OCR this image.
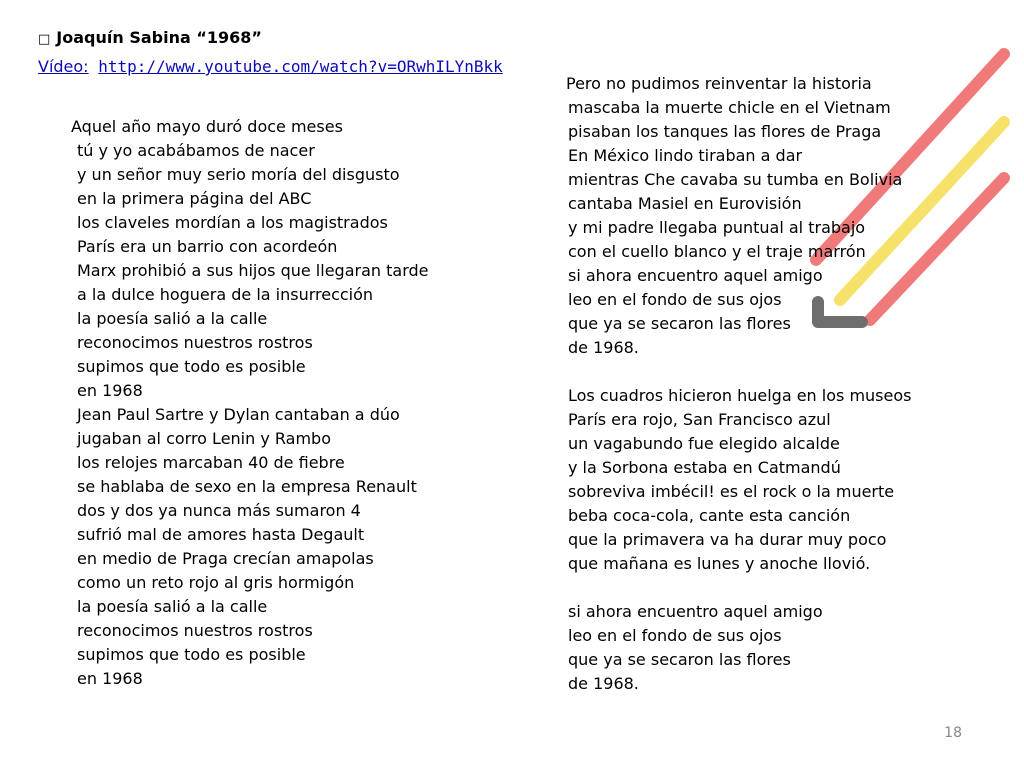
□ Joaquín Sabina “1968”
Vídeo: http://www.youtube.com/watch?v=ORwhILYnBkk
Aquel año mayo duró doce meses
tú y yo acabábamos de nacer
y un señor muy serio moría del disgusto
en la primera página del ABC
los claveles mordían a los magistrados
París era un barrio con acordeón
Marx prohibió a sus hijos que llegaran tarde
a la dulce hoguera de la insurrección
la poesía salió a la calle
reconocimos nuestros rostros
supimos que todo es posible
en 1968
Jean Paul Sartre y Dylan cantaban a dúo
jugaban al corro Lenin y Rambo
los relojes marcaban 40 de fiebre
se hablaba de sexo en la empresa Renault
dos y dos ya nunca más sumaron 4
sufrió mal de amores hasta Degault
en medio de Praga crecían amapolas
como un reto rojo al gris hormigón
la poesía salió a la calle
reconocimos nuestros rostros
supimos que todo es posible
en 1968
Pero no pudimos reinventar la historia
mascaba la muerte chicle en el Vietnam
pisaban los tanques las flores de Praga
En México lindo tiraban a dar
mientras Che cavaba su tumba en Bolivia
cantaba Masiel en Eurovisión
y mi padre llegaba puntual al trabajo
con el cuello blanco y el traje marrón
si ahora encuentro aquel amigo
leo en el fondo de sus ojos
que ya se secaron las flores
de 1968.
Los cuadros hicieron huelga en los museos
París era rojo, San Francisco azul
un vagabundo fue elegido alcalde
y la Sorbona estaba en Catmandú
sobreviva imbécil! es el rock o la muerte
beba coca-cola, cante esta canción
que la primavera va ha durar muy poco
que mañana es lunes y anoche llovió.
si ahora encuentro aquel amigo
leo en el fondo de sus ojos
que ya se secaron las flores
de 1968.
18
